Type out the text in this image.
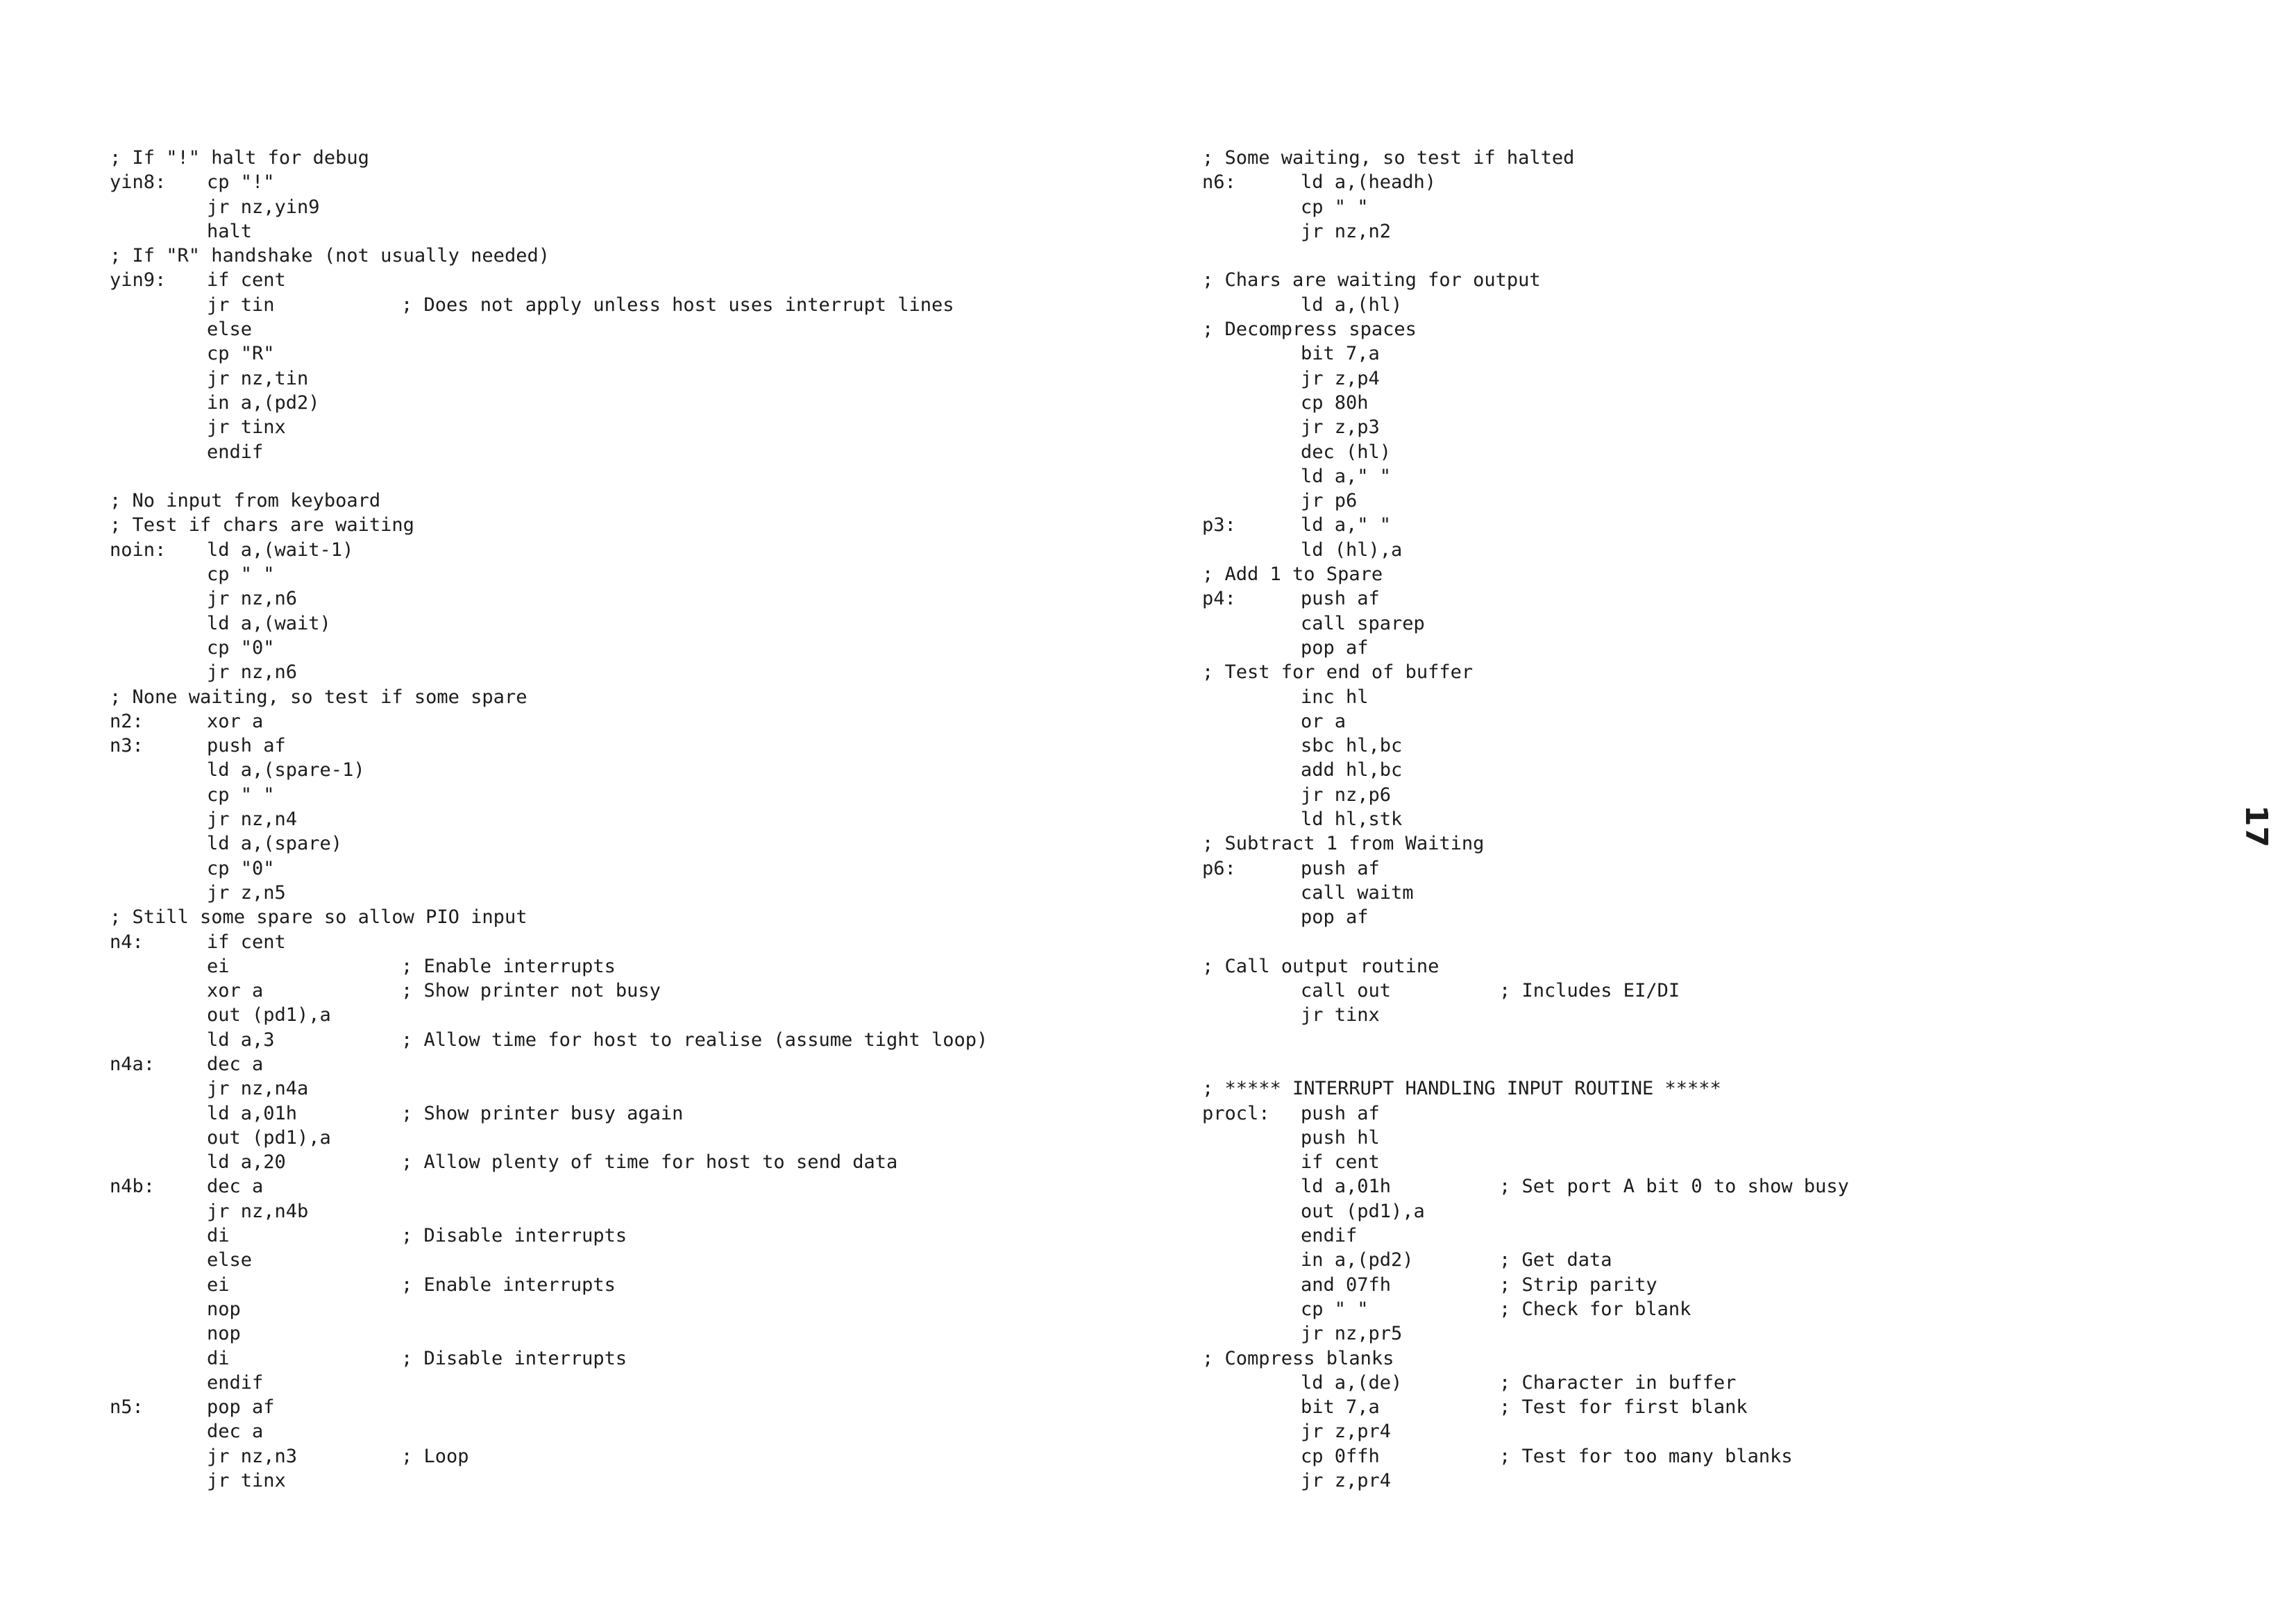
; If "!" halt for debug
yin8: cp "!"
jr nz,yin9
halt
; If "R" handshake (not usually needed)
yin9: if cent
jr tin	; Does not apply unless host uses interrupt lines
else
cp "R"
jr nz,tin
in a,(pd2)
jr tinx
endif
; No input from keyboard
; Test if chars are waiting
noin: ld a,(wait-1)
cp " "
jr nz,n6
ld a,(wait)
cp "0"
jr nz,n6
; None waiting, so test if some spare
n2:	xor a
n3:	push af
ld a,(spare-1)
cp " "
jr nz,n4
ld a,(spare)
cp "0"
jr z,n5
; Still some spare so allow PIO input
n4:	if cent
ei	; Enable interrupts
xor a	; Show printer not busy
out (pd1),a
ld a,3	; Allow time for host to realise (assume tight loop)
n4a:	dec a
jr nz,n4a
ld a,01h	; Show printer busy again
out (pd1),a
ld a,20	; Allow plenty of time for host to send data
n4b:	dec a
jr nz,n4b
di	; Disable interrupts
else
ei	; Enable interrupts
nop
nop
di	; Disable interrupts
endif
n5:	pop af
dec a
jr nz,n3	; Loop
jr tinx
; Some waiting, so test if halted
n6:	ld a,(headh)
cp " "
jr nz,n2
; Chars are waiting for output
ld a,(hl)
; Decompress spaces
bit 7,a
jr z,p4
cp 80h
jr z,p3
dec (hl)
ld a," "
jr p6
p3:	ld a," "
ld (hl),a
; Add 1 to Spare
p4:	push af
call sparep
pop af
; Test for end of buffer
inc hl
or a
sbc hl,bc
add hl,bc
jr nz,p6
ld hl,stk
; Subtract 1 from Waiting
p6:	push af
call waitm
pop af
; Call output routine
call out	; Includes EI/DI
jr tinx
; ***** INTERRUPT HANDLING INPUT ROUTINE *****
procl: push af
push hl
if cent
ld a,01h	; Set port A bit 0 to show busy
out (pd1),a
endif
in a,(pd2)	; Get data
and 07fh	; Strip parity
cp " "	; Check for blank
jr nz,pr5
; Compress blanks
ld a,(de)	; Character in buffer
bit 7,a	; Test for first blank
jr z,pr4
cp 0ffh	; Test for too many blanks
jr z,pr4
17
